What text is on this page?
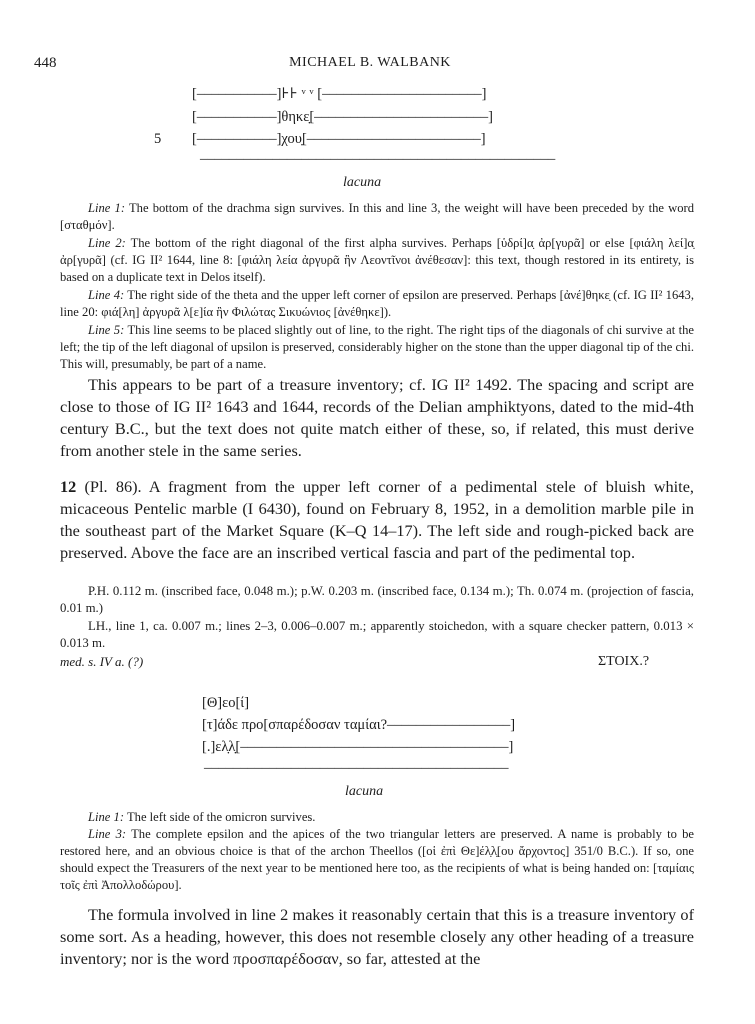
448	MICHAEL B. WALBANK
[–––––––––––]⊦⊦ ᵛ ᵛ [––––––––––––––––––––––]
[–––––––––––]θηκε̣[––––––––––––––––––––––––]
5 [–––––––––––]χου̣[––––––––––––––––––––––––]
–––––––––––––––––––––––––––––––––––––––––––––––––
lacuna
Line 1: The bottom of the drachma sign survives. In this and line 3, the weight will have been preceded by the word [σταθμόν].
Line 2: The bottom of the right diagonal of the first alpha survives. Perhaps [ὑδρί]α̣ ἀρ[γυρᾶ] or else [φιάλη λεί]α̣ ἀρ[γυρᾶ] (cf. IG II² 1644, line 8: [φιάλη λεία ἀργυρᾶ ἣν Λεοντῖνοι ἀνέθεσαν]: this text, though restored in its entirety, is based on a duplicate text in Delos itself).
Line 4: The right side of the theta and the upper left corner of epsilon are preserved. Perhaps [ἀνέ]θηκε̣ (cf. IG II² 1643, line 20: φιά[λη] ἀργυρᾶ λ[ε]ία ἣν Φιλώτας Σικυώνιος [ἀνέθηκε]).
Line 5: This line seems to be placed slightly out of line, to the right. The right tips of the diagonals of chi survive at the left; the tip of the left diagonal of upsilon is preserved, considerably higher on the stone than the upper diagonal tip of the chi. This will, presumably, be part of a name.
This appears to be part of a treasure inventory; cf. IG II² 1492. The spacing and script are close to those of IG II² 1643 and 1644, records of the Delian amphiktyons, dated to the mid-4th century B.C., but the text does not quite match either of these, so, if related, this must derive from another stele in the same series.
12 (Pl. 86). A fragment from the upper left corner of a pedimental stele of bluish white, micaceous Pentelic marble (I 6430), found on February 8, 1952, in a demolition marble pile in the southeast part of the Market Square (K–Q 14–17). The left side and rough-picked back are preserved. Above the face are an inscribed vertical fascia and part of the pedimental top.
P.H. 0.112 m. (inscribed face, 0.048 m.); p.W. 0.203 m. (inscribed face, 0.134 m.); Th. 0.074 m. (projection of fascia, 0.01 m.)
LH., line 1, ca. 0.007 m.; lines 2–3, 0.006–0.007 m.; apparently stoichedon, with a square checker pattern, 0.013 × 0.013 m.
med. s. IV a. (?)	ΣΤΟΙΧ.?
[Θ]εο[ί]
[τ]άδε προ[σπαρέδοσαν ταμίαι?–––––––––––––––––]
[.]ελ̣λ̣[–––––––––––––––––––––––––––––––––––––]
––––––––––––––––––––––––––––––––––––––––––
lacuna
Line 1: The left side of the omicron survives.
Line 3: The complete epsilon and the apices of the two triangular letters are preserved. A name is probably to be restored here, and an obvious choice is that of the archon Theellos ([οἱ ἐπὶ Θε]έλ̣λ̣[ου ἄρχοντος] 351/0 B.C.). If so, one should expect the Treasurers of the next year to be mentioned here too, as the recipients of what is being handed on: [ταμίαις τοῖς ἐπὶ Ἀπολλοδώρου].
The formula involved in line 2 makes it reasonably certain that this is a treasure inventory of some sort. As a heading, however, this does not resemble closely any other heading of a treasure inventory; nor is the word προσπαρέδοσαν, so far, attested at the
